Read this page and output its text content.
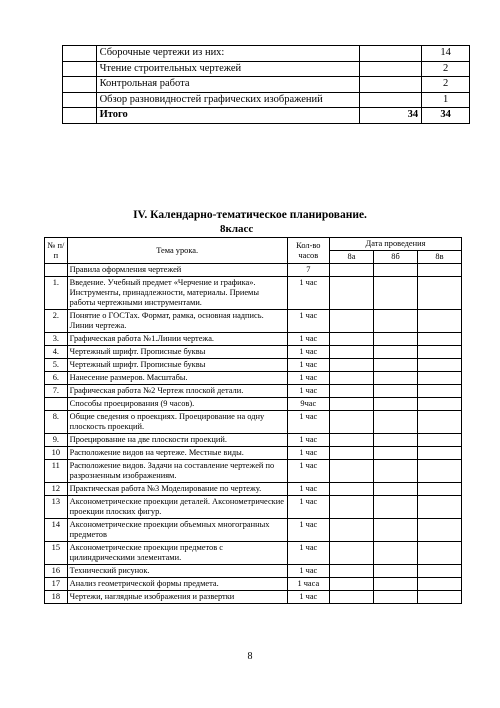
	Сборочные чертежи из них:		14
	Чтение строительных чертежей		2
	Контрольная работа		2
	Обзор разновидностей графических изображений		1
	Итого	34	34
IV. Календарно-тематическое планирование.
8класс
№ п/п	Тема урока.	Кол-во часов	Дата проведения		
			8а	8б	8в
	Правила оформления чертежей	7			
1.	Введение. Учебный предмет «Черчение и графика». Инструменты, принадлежности, материалы. Приемы работы чертежными инструментами.	1 час			
2.	Понятие о ГОСТах. Формат, рамка, основная надпись. Линии чертежа.	1 час			
3.	Графическая работа №1.Линии чертежа.	1 час			
4.	Чертежный шрифт. Прописные буквы	1 час			
5.	Чертежный шрифт. Прописные буквы	1 час			
6.	Нанесение размеров. Масштабы.	1 час			
7.	Графическая работа №2 Чертеж плоской детали.	1 час			
	Способы проецирования (9 часов).	9час			
8.	Общие сведения о проекциях. Проецирование на одну плоскость проекций.	1 час			
9.	Проецирование на две плоскости проекций.	1 час			
10	Расположение видов на чертеже. Местные виды.	1 час			
11	Расположение видов. Задачи на составление чертежей по разрозненным изображениям.	1 час			
12	Практическая работа №3 Моделирование по чертежу.	1 час			
13	Аксонометрические проекции деталей. Аксонометрические проекции плоских фигур.	1 час			
14	Аксонометрические проекции объемных многогранных предметов	1 час			
15	Аксонометрические проекции предметов с цилиндрическими элементами.	1 час			
16	Технический рисунок.	1 час			
17	Анализ геометрической формы предмета.	1 часа			
18	Чертежи, наглядные изображения и развертки	1 час			
8
